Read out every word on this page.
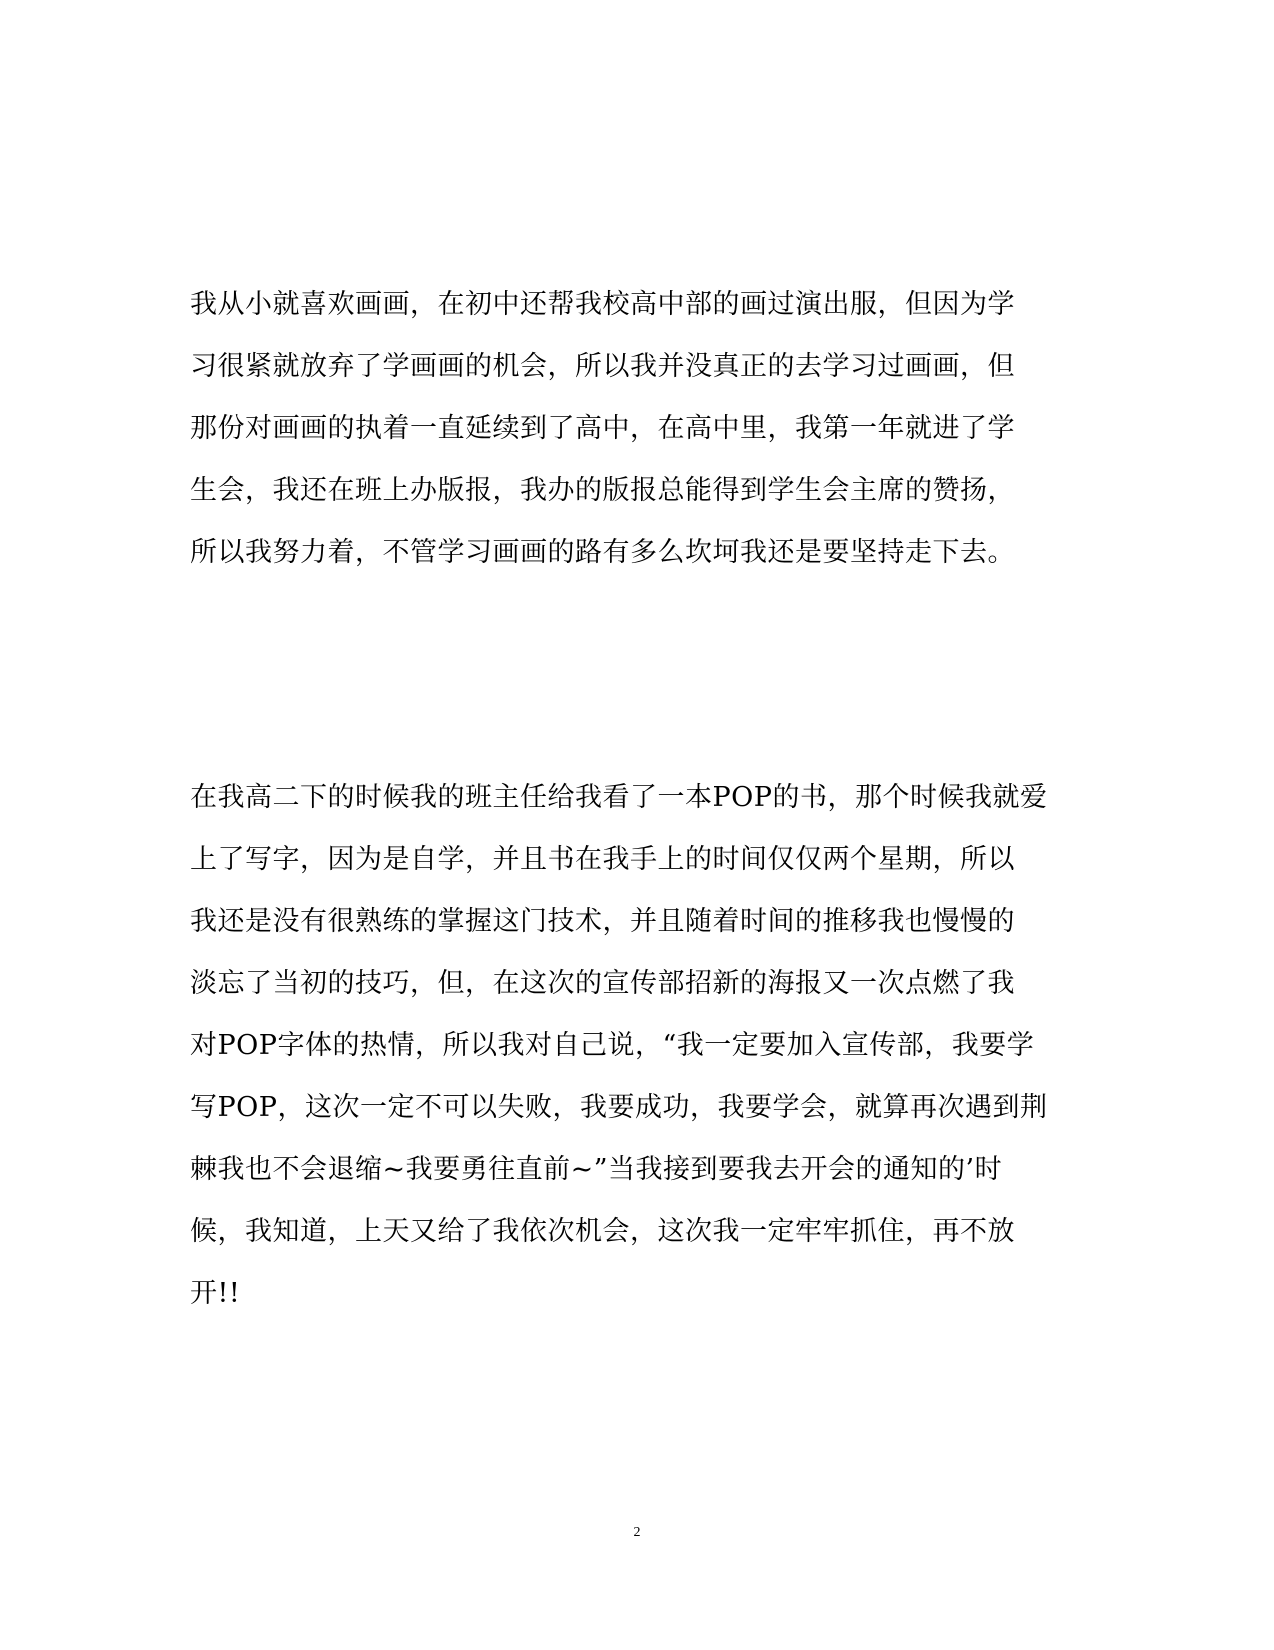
我从小就喜欢画画，在初中还帮我校高中部的画过演出服，但因为学
习很紧就放弃了学画画的机会，所以我并没真正的去学习过画画，但
那份对画画的执着一直延续到了高中，在高中里，我第一年就进了学
生会，我还在班上办版报，我办的版报总能得到学生会主席的赞扬，
所以我努力着，不管学习画画的路有多么坎坷我还是要坚持走下去。
在我高二下的时候我的班主任给我看了一本POP的书，那个时候我就爱
上了写字，因为是自学，并且书在我手上的时间仅仅两个星期，所以
我还是没有很熟练的掌握这门技术，并且随着时间的推移我也慢慢的
淡忘了当初的技巧，但，在这次的宣传部招新的海报又一次点燃了我
对POP字体的热情，所以我对自己说，“我一定要加入宣传部，我要学
写POP，这次一定不可以失败，我要成功，我要学会，就算再次遇到荆
棘我也不会退缩~我要勇往直前~”当我接到要我去开会的通知的’时
候，我知道，上天又给了我依次机会，这次我一定牢牢抓住，再不放
开!!
2
